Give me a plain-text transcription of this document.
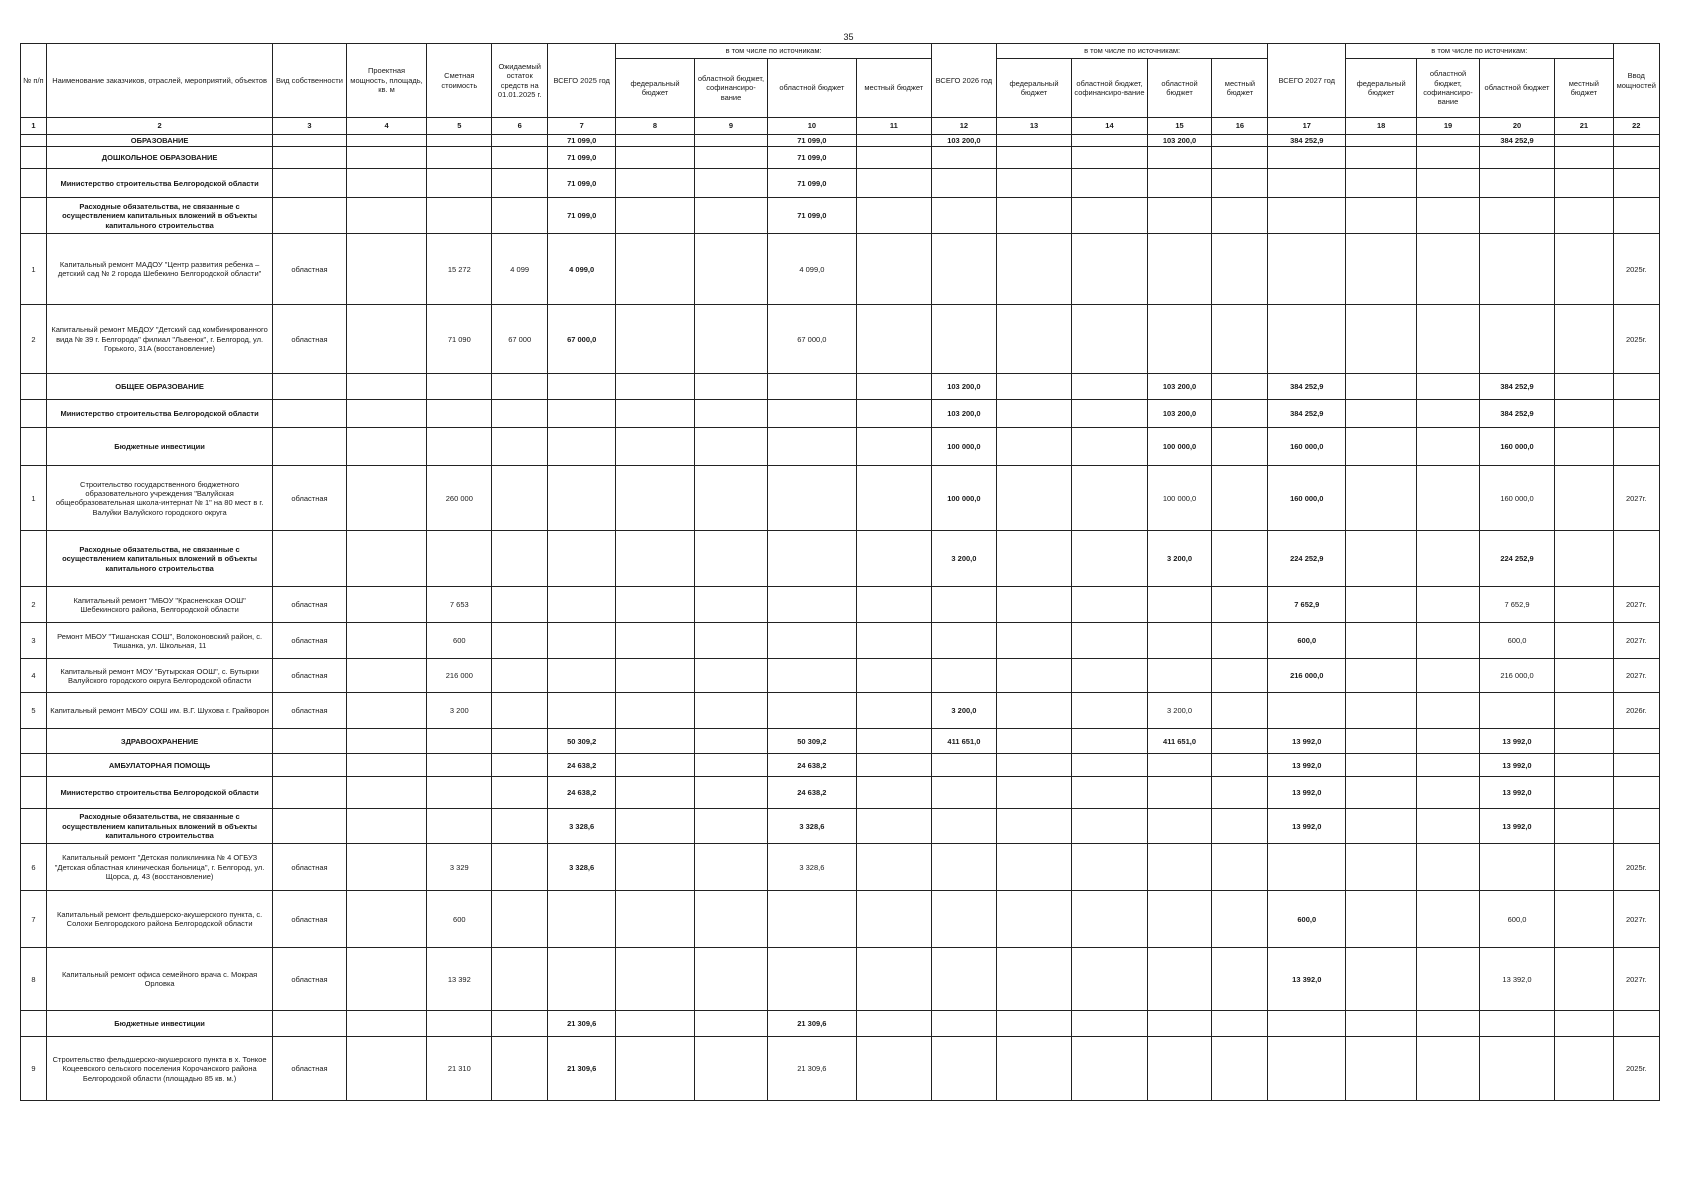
35
№ п/п	Наименование заказчиков, отраслей, мероприятий, объектов	Вид собственности	Проектная мощность, площадь, кв. м	Сметная стоимость	Ожидаемый остаток средств на 01.01.2025 г.	ВСЕГО 2025 год	в том числе по источникам:				ВСЕГО 2026 год	в том числе по источникам:				ВСЕГО 2027 год	в том числе по источникам:				Ввод мощностей
							федеральный бюджет	областной бюджет, софинансиро-вание	областной бюджет	местный бюджет		федеральный бюджет	областной бюджет, софинансиро-вание	областной бюджет	местный бюджет		федеральный бюджет	областной бюджет, софинансиро-вание	областной бюджет	местный бюджет	
1	2	3	4	5	6	7	8	9	10	11	12	13	14	15	16	17	18	19	20	21	22
	ОБРАЗОВАНИЕ					71 099,0			71 099,0		103 200,0			103 200,0		384 252,9			384 252,9		
	ДОШКОЛЬНОЕ ОБРАЗОВАНИЕ					71 099,0			71 099,0												
	Министерство строительства Белгородской области					71 099,0			71 099,0												
	Расходные обязательства, не связанные с осуществлением капитальных вложений в объекты капитального строительства					71 099,0			71 099,0												
1	Капитальный ремонт МАДОУ "Центр развития ребенка – детский сад № 2 города Шебекино Белгородской области"	областная		15 272	4 099	4 099,0			4 099,0												2025г.
2	Капитальный ремонт МБДОУ "Детский сад комбинированного вида № 39 г. Белгорода" филиал "Львенок", г. Белгород, ул. Горького, 31А (восстановление)	областная		71 090	67 000	67 000,0			67 000,0												2025г.
	ОБЩЕЕ ОБРАЗОВАНИЕ										103 200,0			103 200,0		384 252,9			384 252,9		
	Министерство строительства Белгородской области										103 200,0			103 200,0		384 252,9			384 252,9		
	Бюджетные инвестиции										100 000,0			100 000,0		160 000,0			160 000,0		
1	Строительство государственного бюджетного образовательного учреждения "Валуйская общеобразовательная школа-интернат № 1" на 80 мест в г. Валуйки Валуйского городского округа	областная		260 000							100 000,0			100 000,0		160 000,0			160 000,0		2027г.
	Расходные обязательства, не связанные с осуществлением капитальных вложений в объекты капитального строительства										3 200,0			3 200,0		224 252,9			224 252,9		
2	Капитальный ремонт "МБОУ "Красненская ООШ" Шебекинского района, Белгородской области	областная		7 653												7 652,9			7 652,9		2027г.
3	Ремонт МБОУ "Тишанская СОШ", Волоконовский район, с. Тишанка, ул. Школьная, 11	областная		600												600,0			600,0		2027г.
4	Капитальный ремонт МОУ "Бутырская ООШ", с. Бутырки Валуйского городского округа Белгородской области	областная		216 000												216 000,0			216 000,0		2027г.
5	Капитальный ремонт МБОУ СОШ им. В.Г. Шухова г. Грайворон	областная		3 200							3 200,0			3 200,0							2026г.
	ЗДРАВООХРАНЕНИЕ					50 309,2			50 309,2		411 651,0			411 651,0		13 992,0			13 992,0		
	АМБУЛАТОРНАЯ ПОМОЩЬ					24 638,2			24 638,2							13 992,0			13 992,0		
	Министерство строительства Белгородской области					24 638,2			24 638,2							13 992,0			13 992,0		
	Расходные обязательства, не связанные с осуществлением капитальных вложений в объекты капитального строительства					3 328,6			3 328,6							13 992,0			13 992,0		
6	Капитальный ремонт "Детская поликлиника № 4 ОГБУЗ "Детская областная клиническая больница", г. Белгород, ул. Щорса, д. 43 (восстановление)	областная		3 329		3 328,6			3 328,6												2025г.
7	Капитальный ремонт фельдшерско-акушерского пункта, с. Солохи Белгородского района Белгородской области	областная		600												600,0			600,0		2027г.
8	Капитальный ремонт офиса семейного врача с. Мокрая Орловка	областная		13 392												13 392,0			13 392,0		2027г.
	Бюджетные инвестиции					21 309,6			21 309,6												
9	Строительство фельдшерско-акушерского пункта в х. Тонкое Коцеевского сельского поселения Корочанского района Белгородской области (площадью 85 кв. м.)	областная		21 310		21 309,6			21 309,6												2025г.
